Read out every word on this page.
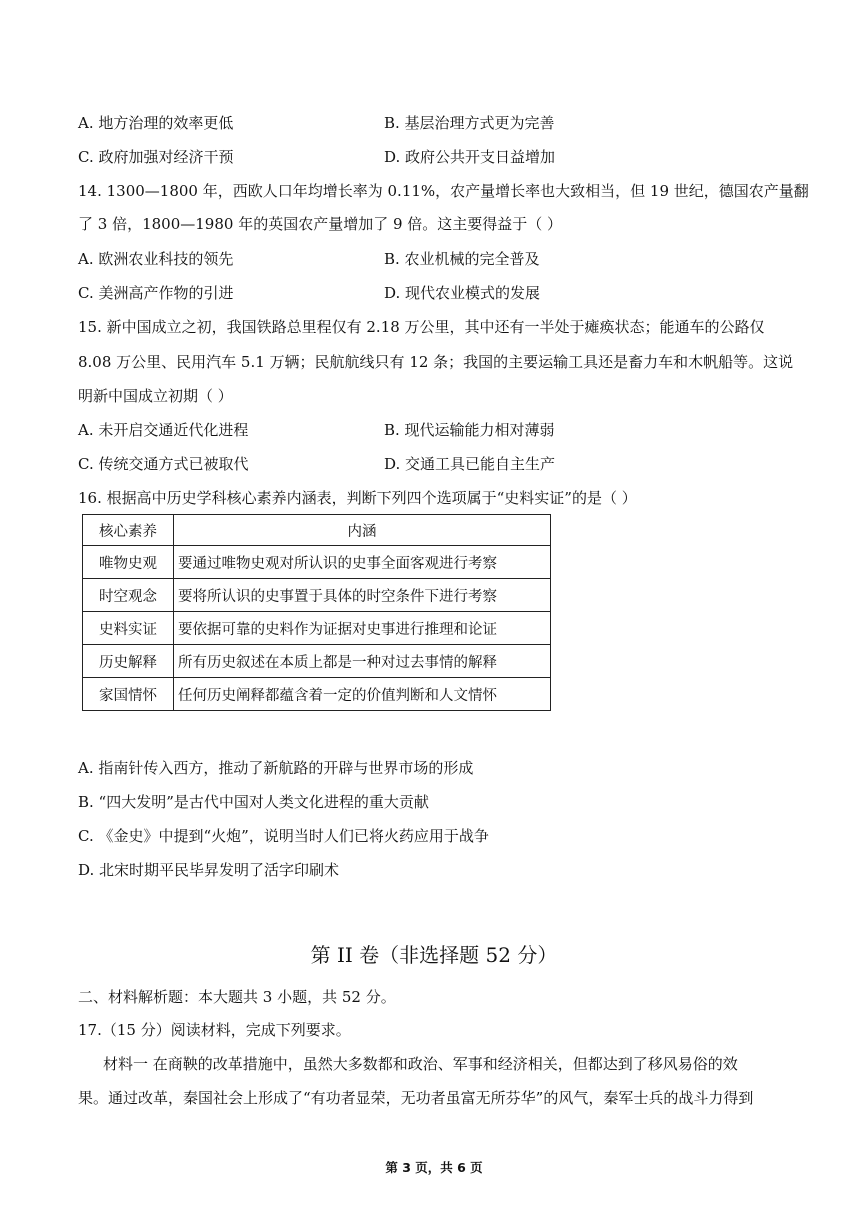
A. 地方治理的效率更低	B. 基层治理方式更为完善
C. 政府加强对经济干预	D. 政府公共开支日益增加
14. 1300—1800 年，西欧人口年均增长率为 0.11%，农产量增长率也大致相当，但 19 世纪，德国农产量翻
了 3 倍，1800—1980 年的英国农产量增加了 9 倍。这主要得益于（ ）
A. 欧洲农业科技的领先	B. 农业机械的完全普及
C. 美洲高产作物的引进	D. 现代农业模式的发展
15. 新中国成立之初，我国铁路总里程仅有 2.18 万公里，其中还有一半处于瘫痪状态；能通车的公路仅
8.08 万公里、民用汽车 5.1 万辆；民航航线只有 12 条；我国的主要运输工具还是畜力车和木帆船等。这说
明新中国成立初期（ ）
A. 未开启交通近代化进程	B. 现代运输能力相对薄弱
C. 传统交通方式已被取代	D. 交通工具已能自主生产
16. 根据高中历史学科核心素养内涵表，判断下列四个选项属于“史料实证”的是（ ）
核心素养	内涵
唯物史观	要通过唯物史观对所认识的史事全面客观进行考察
时空观念	要将所认识的史事置于具体的时空条件下进行考察
史料实证	要依据可靠的史料作为证据对史事进行推理和论证
历史解释	所有历史叙述在本质上都是一种对过去事情的解释
家国情怀	任何历史阐释都蕴含着一定的价值判断和人文情怀
A. 指南针传入西方，推动了新航路的开辟与世界市场的形成
B. “四大发明”是古代中国对人类文化进程的重大贡献
C. 《金史》中提到“火炮”，说明当时人们已将火药应用于战争
D. 北宋时期平民毕昇发明了活字印刷术
第 II 卷（非选择题 52 分）
二、材料解析题：本大题共 3 小题，共 52 分。
17.（15 分）阅读材料，完成下列要求。
材料一 在商鞅的改革措施中，虽然大多数都和政治、军事和经济相关，但都达到了移风易俗的效
果。通过改革，秦国社会上形成了“有功者显荣，无功者虽富无所芬华”的风气，秦军士兵的战斗力得到
第 3 页，共 6 页
